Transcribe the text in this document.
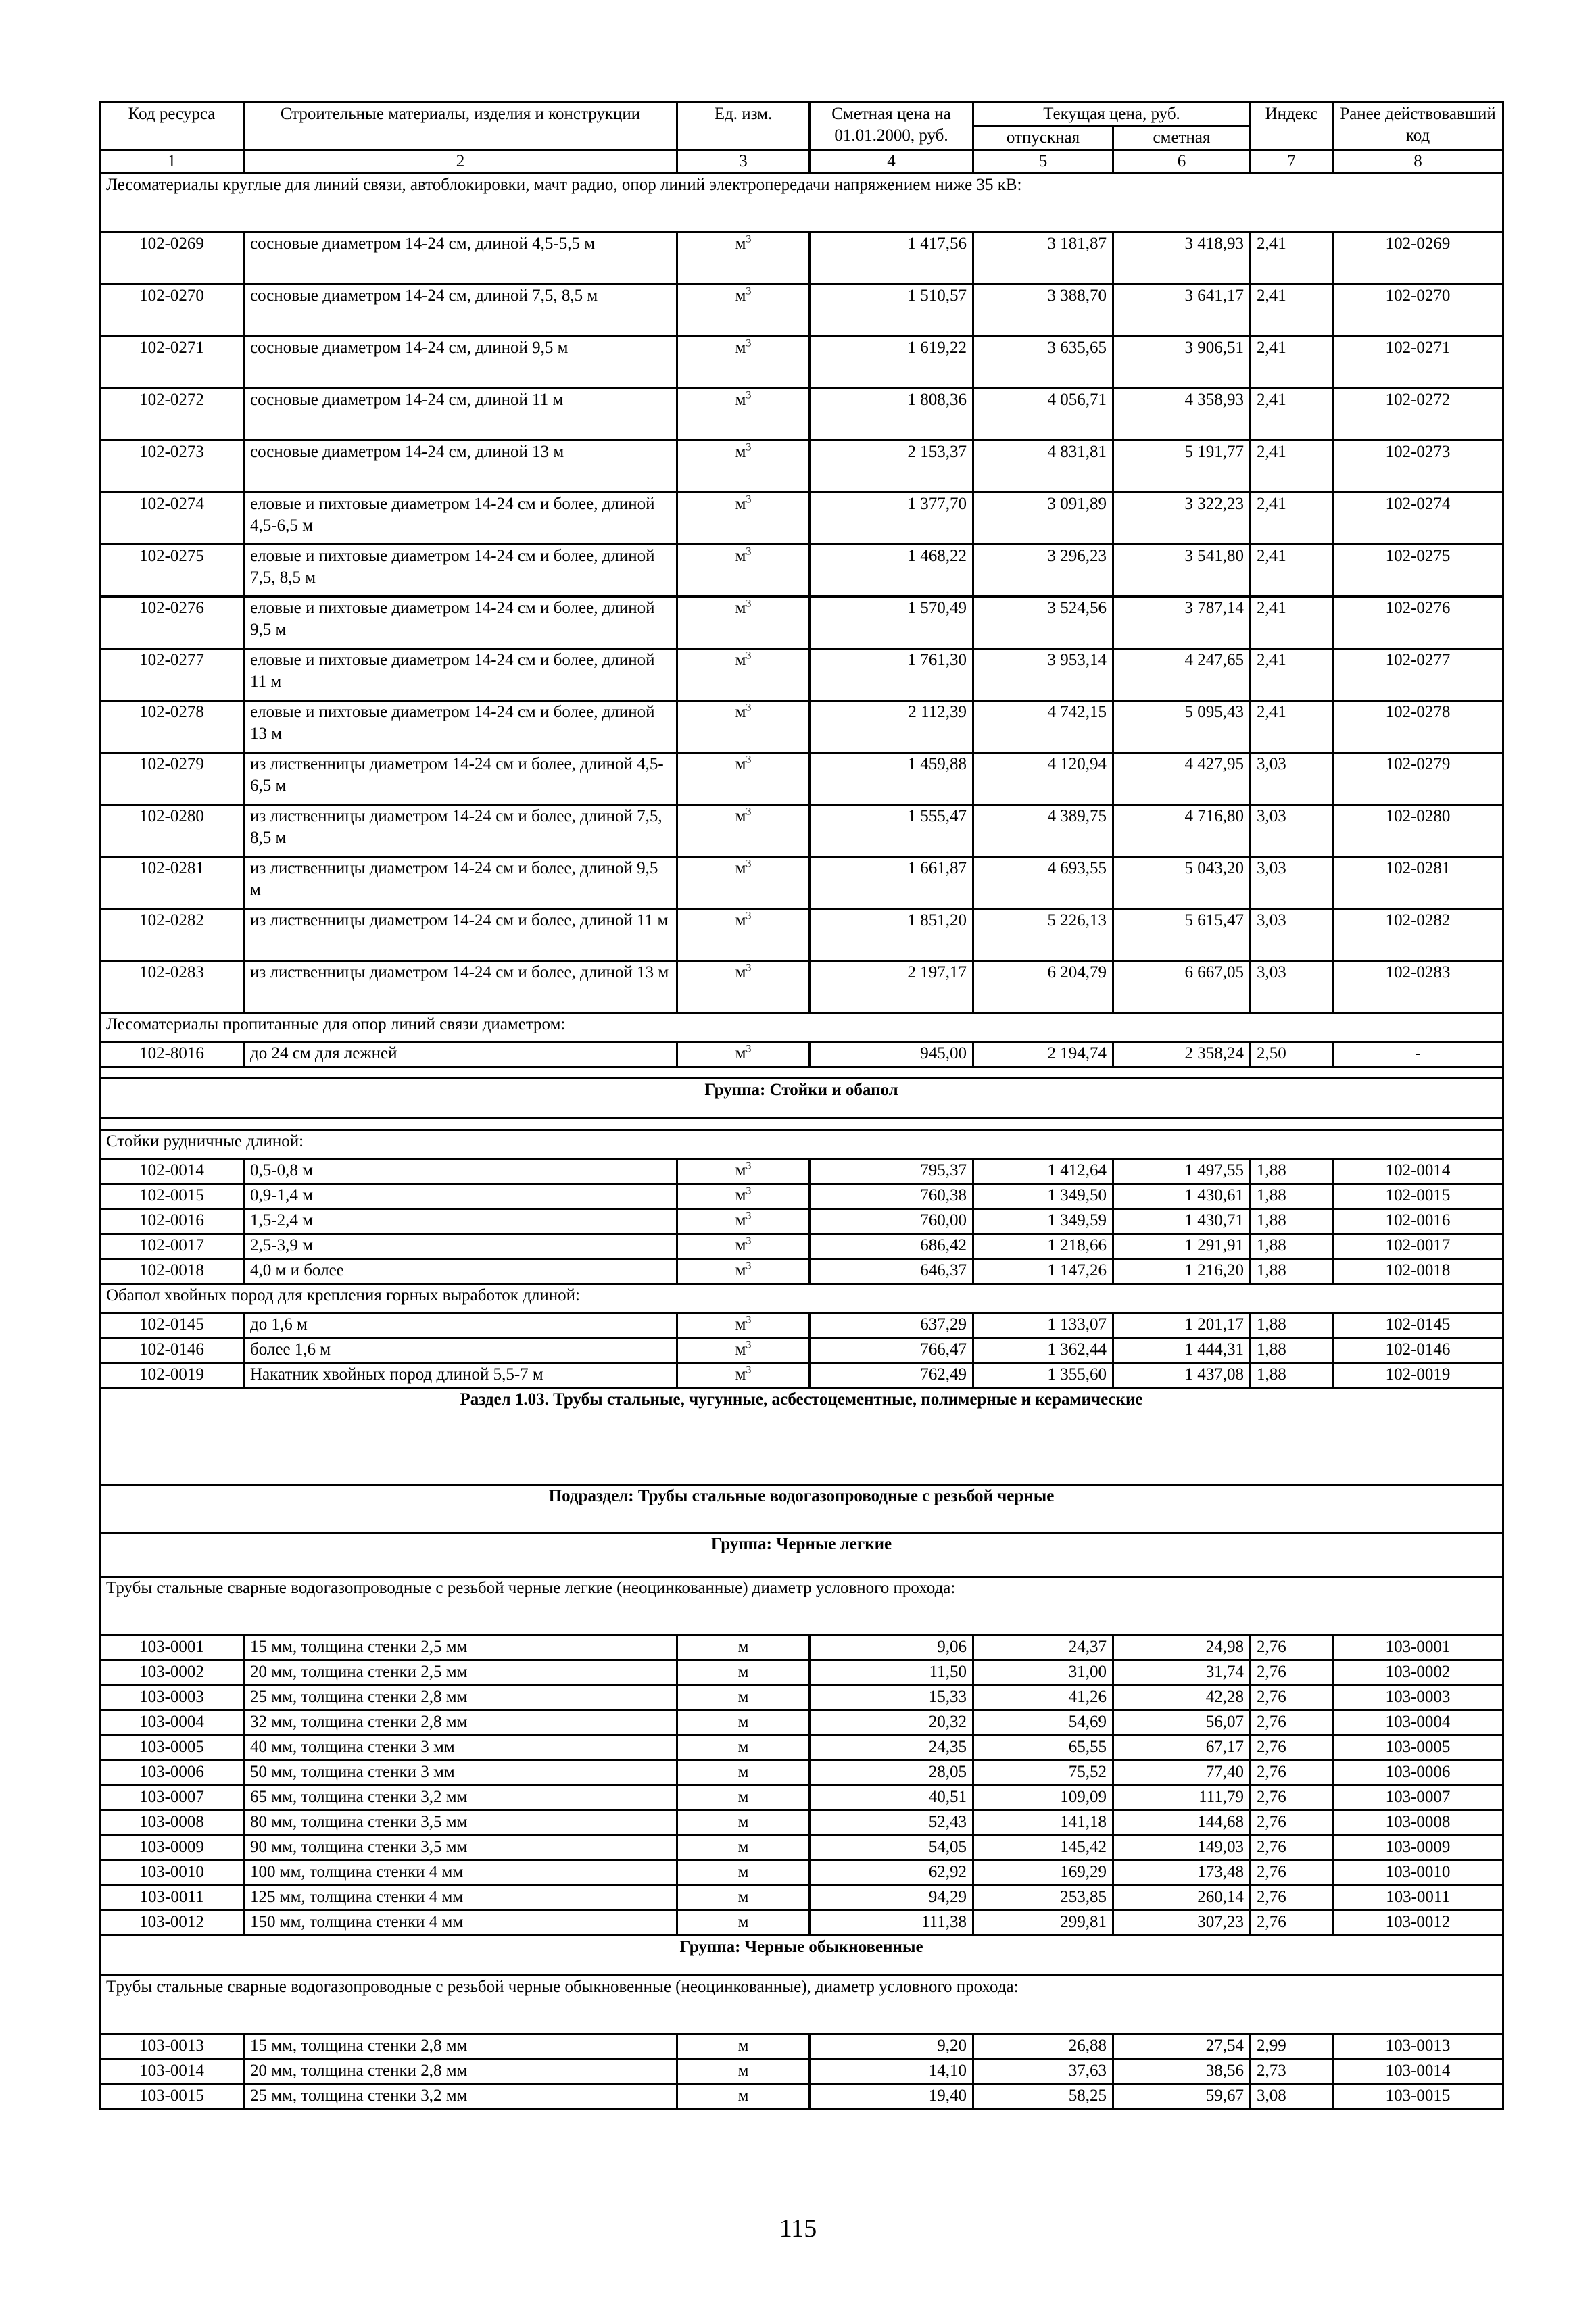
Код ресурса	Строительные материалы, изделия и конструкции	Ед. изм.	Сметная цена на 01.01.2000, руб.	Текущая цена, руб.		Индекс	Ранее действовавший код
				отпускная	сметная		
1	2	3	4	5	6	7	8
Лесоматериалы круглые для линий связи, автоблокировки, мачт радио, опор линий электропередачи напряжением ниже 35 кВ:							
102-0269	сосновые диаметром 14-24 см, длиной 4,5-5,5 м	$м^3$	1 417,56	3 181,87	3 418,93	2,41	102-0269
102-0270	сосновые диаметром 14-24 см, длиной 7,5, 8,5 м	$м^3$	1 510,57	3 388,70	3 641,17	2,41	102-0270
102-0271	сосновые диаметром 14-24 см, длиной 9,5 м	$м^3$	1 619,22	3 635,65	3 906,51	2,41	102-0271
102-0272	сосновые диаметром 14-24 см, длиной 11 м	$м^3$	1 808,36	4 056,71	4 358,93	2,41	102-0272
102-0273	сосновые диаметром 14-24 см, длиной 13 м	$м^3$	2 153,37	4 831,81	5 191,77	2,41	102-0273
102-0274	еловые и пихтовые диаметром 14-24 см и более, длиной 4,5-6,5 м	$м^3$	1 377,70	3 091,89	3 322,23	2,41	102-0274
102-0275	еловые и пихтовые диаметром 14-24 см и более, длиной 7,5, 8,5 м	$м^3$	1 468,22	3 296,23	3 541,80	2,41	102-0275
102-0276	еловые и пихтовые диаметром 14-24 см и более, длиной 9,5 м	$м^3$	1 570,49	3 524,56	3 787,14	2,41	102-0276
102-0277	еловые и пихтовые диаметром 14-24 см и более, длиной 11 м	$м^3$	1 761,30	3 953,14	4 247,65	2,41	102-0277
102-0278	еловые и пихтовые диаметром 14-24 см и более, длиной 13 м	$м^3$	2 112,39	4 742,15	5 095,43	2,41	102-0278
102-0279	из лиственницы диаметром 14-24 см и более, длиной 4,5-6,5 м	$м^3$	1 459,88	4 120,94	4 427,95	3,03	102-0279
102-0280	из лиственницы диаметром 14-24 см и более, длиной 7,5, 8,5 м	$м^3$	1 555,47	4 389,75	4 716,80	3,03	102-0280
102-0281	из лиственницы диаметром 14-24 см и более, длиной 9,5 м	$м^3$	1 661,87	4 693,55	5 043,20	3,03	102-0281
102-0282	из лиственницы диаметром 14-24 см и более, длиной 11 м	$м^3$	1 851,20	5 226,13	5 615,47	3,03	102-0282
102-0283	из лиственницы диаметром 14-24 см и более, длиной 13 м	$м^3$	2 197,17	6 204,79	6 667,05	3,03	102-0283
Лесоматериалы пропитанные для опор линий связи диаметром:							
102-8016	до 24 см для лежней	$м^3$	945,00	2 194,74	2 358,24	2,50	-

Группа: Стойки и обапол							

Стойки рудничные длиной:							
102-0014	0,5-0,8 м	$м^3$	795,37	1 412,64	1 497,55	1,88	102-0014
102-0015	0,9-1,4 м	$м^3$	760,38	1 349,50	1 430,61	1,88	102-0015
102-0016	1,5-2,4 м	$м^3$	760,00	1 349,59	1 430,71	1,88	102-0016
102-0017	2,5-3,9 м	$м^3$	686,42	1 218,66	1 291,91	1,88	102-0017
102-0018	4,0 м и более	$м^3$	646,37	1 147,26	1 216,20	1,88	102-0018
Обапол хвойных пород для крепления горных выработок длиной:							
102-0145	до 1,6 м	$м^3$	637,29	1 133,07	1 201,17	1,88	102-0145
102-0146	более 1,6 м	$м^3$	766,47	1 362,44	1 444,31	1,88	102-0146
102-0019	Накатник хвойных пород длиной 5,5-7 м	$м^3$	762,49	1 355,60	1 437,08	1,88	102-0019
Раздел 1.03. Трубы стальные, чугунные, асбестоцементные, полимерные и керамические							
Подраздел: Трубы стальные водогазопроводные с резьбой черные							
Группа: Черные легкие							
Трубы стальные сварные водогазопроводные с резьбой черные легкие (неоцинкованные) диаметр условного прохода:							
103-0001	15 мм, толщина стенки 2,5 мм	м	9,06	24,37	24,98	2,76	103-0001
103-0002	20 мм, толщина стенки 2,5 мм	м	11,50	31,00	31,74	2,76	103-0002
103-0003	25 мм, толщина стенки 2,8 мм	м	15,33	41,26	42,28	2,76	103-0003
103-0004	32 мм, толщина стенки 2,8 мм	м	20,32	54,69	56,07	2,76	103-0004
103-0005	40 мм, толщина стенки 3 мм	м	24,35	65,55	67,17	2,76	103-0005
103-0006	50 мм, толщина стенки 3 мм	м	28,05	75,52	77,40	2,76	103-0006
103-0007	65 мм, толщина стенки 3,2 мм	м	40,51	109,09	111,79	2,76	103-0007
103-0008	80 мм, толщина стенки 3,5 мм	м	52,43	141,18	144,68	2,76	103-0008
103-0009	90 мм, толщина стенки 3,5 мм	м	54,05	145,42	149,03	2,76	103-0009
103-0010	100 мм, толщина стенки 4 мм	м	62,92	169,29	173,48	2,76	103-0010
103-0011	125 мм, толщина стенки 4 мм	м	94,29	253,85	260,14	2,76	103-0011
103-0012	150 мм, толщина стенки 4 мм	м	111,38	299,81	307,23	2,76	103-0012
Группа: Черные обыкновенные							
Трубы стальные сварные водогазопроводные с резьбой черные обыкновенные (неоцинкованные), диаметр условного прохода:							
103-0013	15 мм, толщина стенки 2,8 мм	м	9,20	26,88	27,54	2,99	103-0013
103-0014	20 мм, толщина стенки 2,8 мм	м	14,10	37,63	38,56	2,73	103-0014
103-0015	25 мм, толщина стенки 3,2 мм	м	19,40	58,25	59,67	3,08	103-0015
115
